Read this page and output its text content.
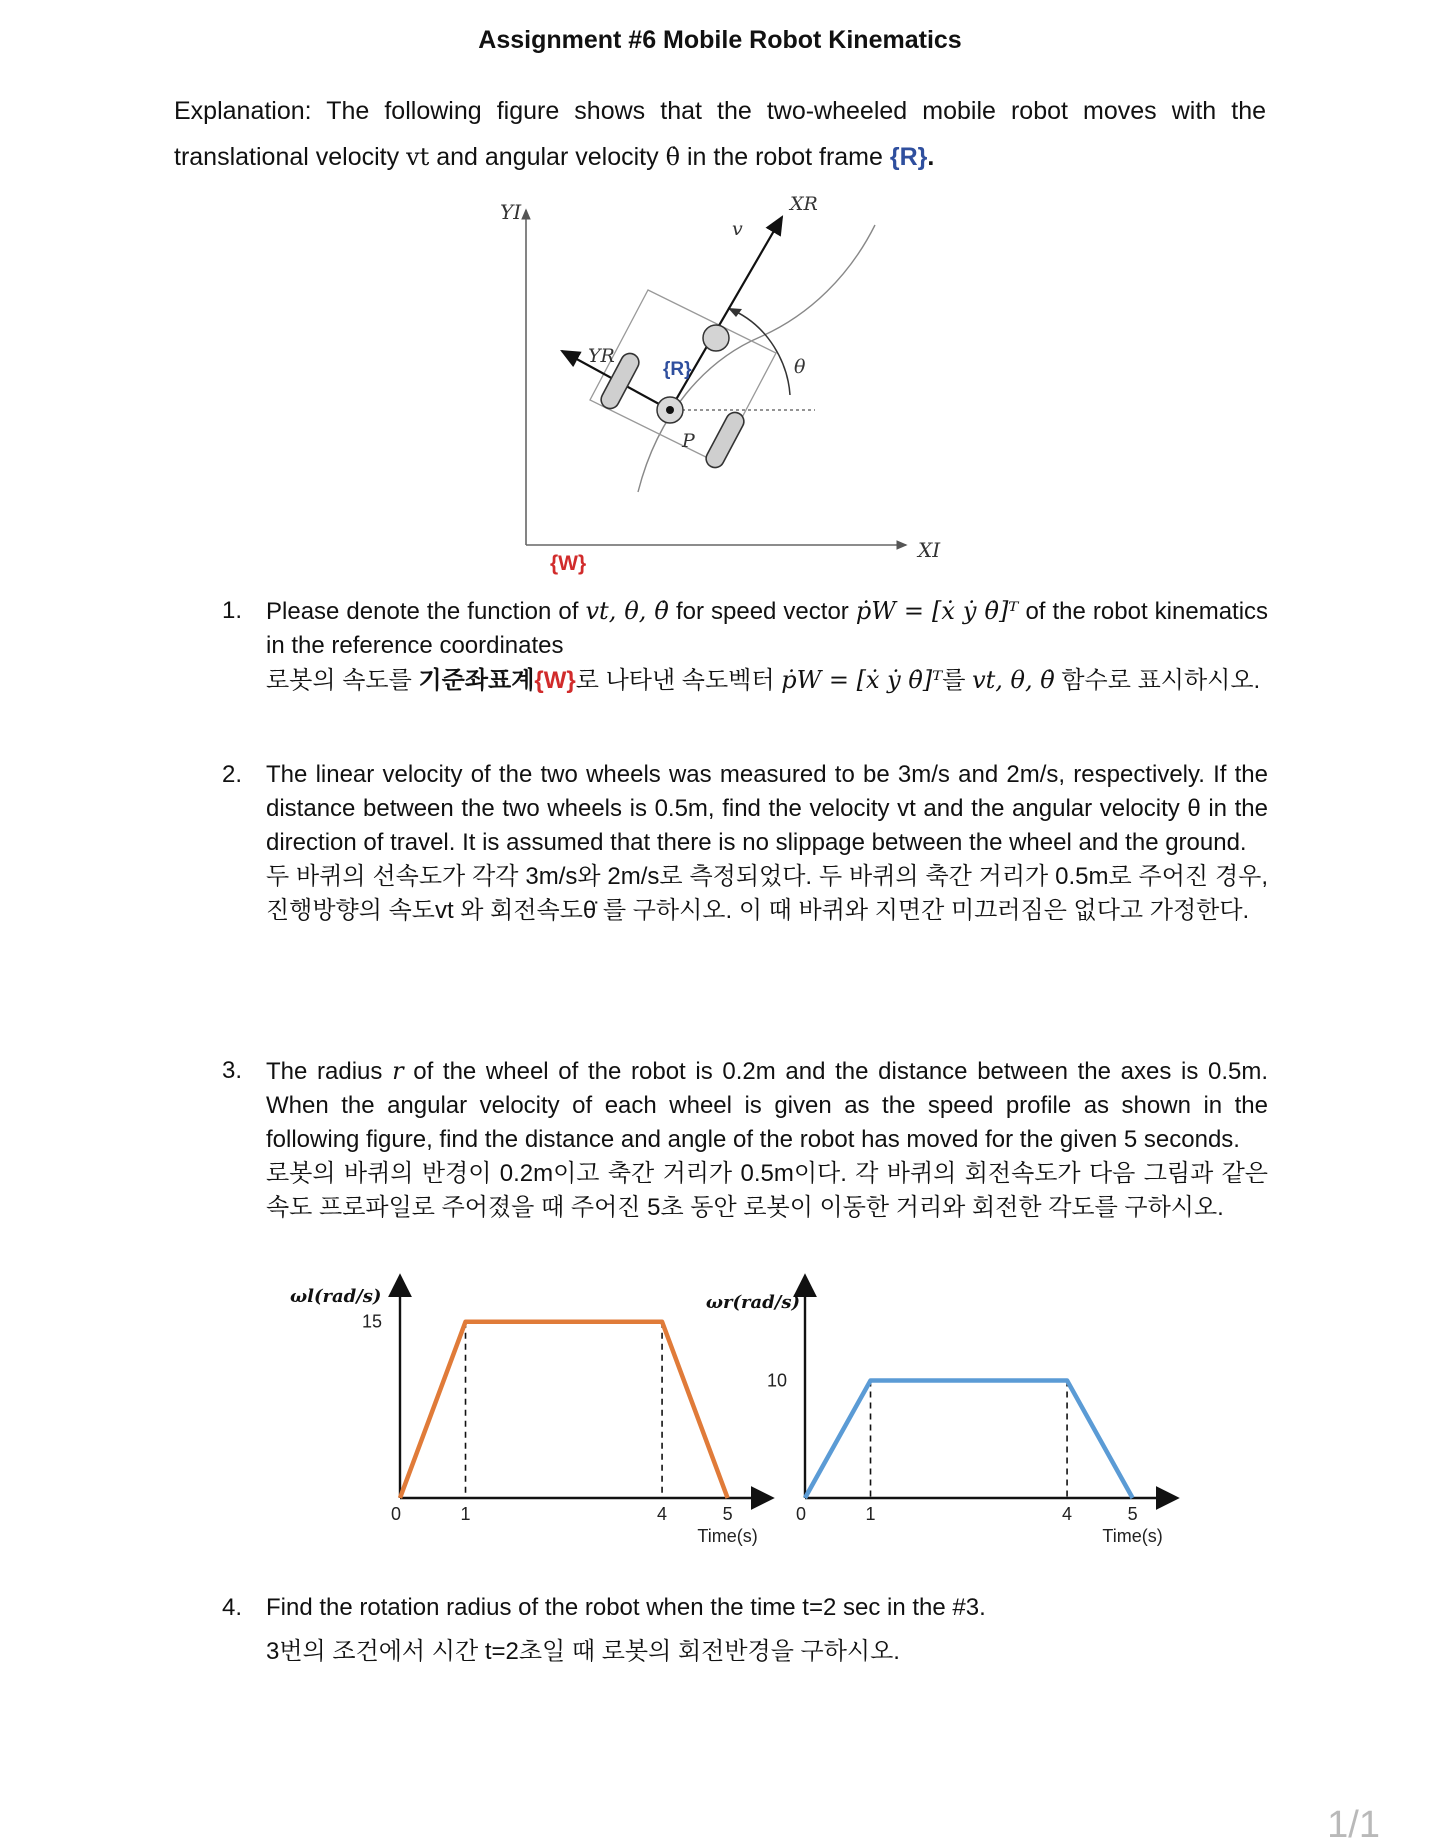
Assignment #6 Mobile Robot Kinematics
Explanation: The following figure shows that the two-wheeled mobile robot moves with the translational velocity vt and angular velocity θ̇ in the robot frame {R}.
YI
XI
{W}
θ
XR
v
YR
{R}
P
1. Please denote the function of vt, θ, θ̇ for speed vector ṗW = [ẋ ẏ θ̇]ᵀ of the robot kinematics in the reference coordinates
로봇의 속도를 기준좌표계{W}로 나타낸 속도벡터 ṗW = [ẋ ẏ θ̇]ᵀ를 vt, θ, θ̇ 함수로 표시하시오.
2. The linear velocity of the two wheels was measured to be 3m/s and 2m/s, respectively. If the distance between the two wheels is 0.5m, find the velocity vt and the angular velocity θ in the direction of travel. It is assumed that there is no slippage between the wheel and the ground.
두 바퀴의 선속도가 각각 3m/s와 2m/s로 측정되었다. 두 바퀴의 축간 거리가 0.5m로 주어진 경우, 진행방향의 속도vt 와 회전속도θ̇ 를 구하시오. 이 때 바퀴와 지면간 미끄러짐은 없다고 가정한다.
3. The radius r of the wheel of the robot is 0.2m and the distance between the axes is 0.5m. When the angular velocity of each wheel is given as the speed profile as shown in the following figure, find the distance and angle of the robot has moved for the given 5 seconds.
로봇의 바퀴의 반경이 0.2m이고 축간 거리가 0.5m이다. 각 바퀴의 회전속도가 다음 그림과 같은 속도 프로파일로 주어졌을 때 주어진 5초 동안 로봇이 이동한 거리와 회전한 각도를 구하시오.
0	1	4	5
15
ωl(rad/s)
Time(s)
0	1	4	5
10
ωr(rad/s)
Time(s)
4. Find the rotation radius of the robot when the time t=2 sec in the #3.
3번의 조건에서 시간 t=2초일 때 로봇의 회전반경을 구하시오.
1/1
